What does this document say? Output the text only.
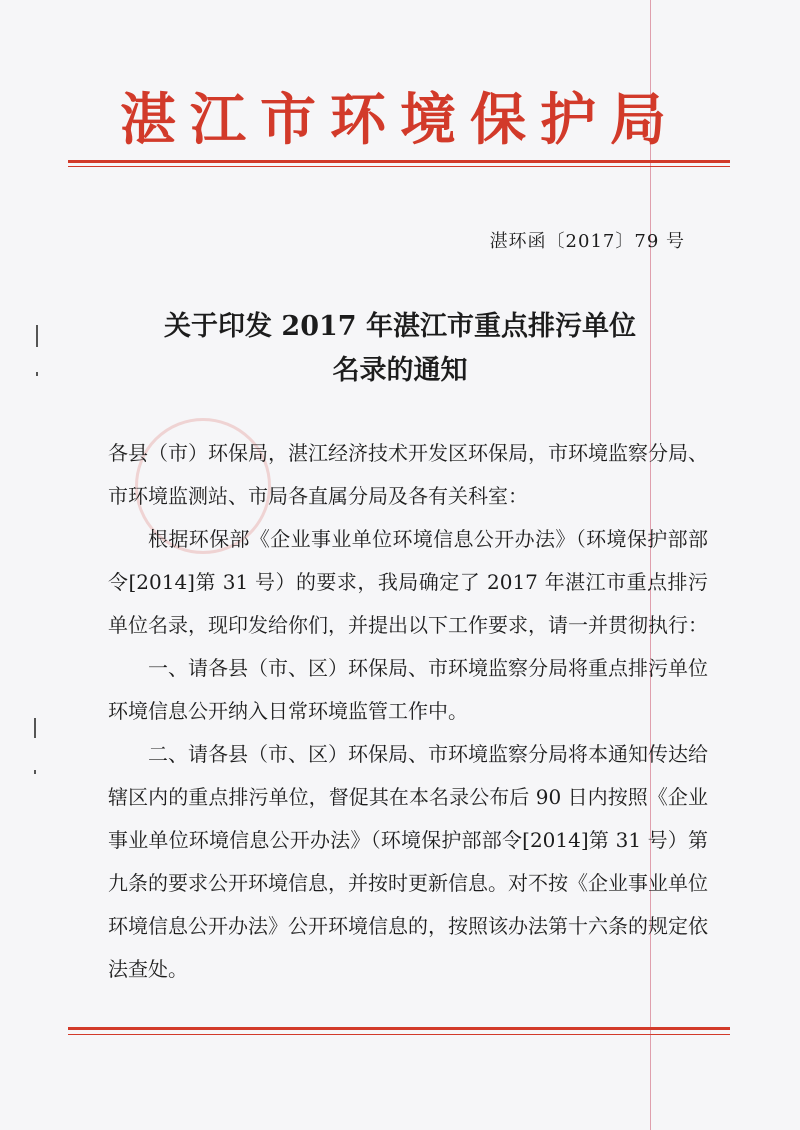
湛江市环境保护局
湛环函〔2017〕79 号
关于印发 2017 年湛江市重点排污单位
名录的通知

各县（市）环保局，湛江经济技术开发区环保局，市环境监察分局、市环境监测站、市局各直属分局及各有关科室：

根据环保部《企业事业单位环境信息公开办法》（环境保护部部令[2014]第 31 号）的要求，我局确定了 2017 年湛江市重点排污单位名录，现印发给你们，并提出以下工作要求，请一并贯彻执行：

一、请各县（市、区）环保局、市环境监察分局将重点排污单位环境信息公开纳入日常环境监管工作中。

二、请各县（市、区）环保局、市环境监察分局将本通知传达给辖区内的重点排污单位，督促其在本名录公布后 90 日内按照《企业事业单位环境信息公开办法》（环境保护部部令[2014]第 31 号）第九条的要求公开环境信息，并按时更新信息。对不按《企业事业单位环境信息公开办法》公开环境信息的，按照该办法第十六条的规定依法查处。
